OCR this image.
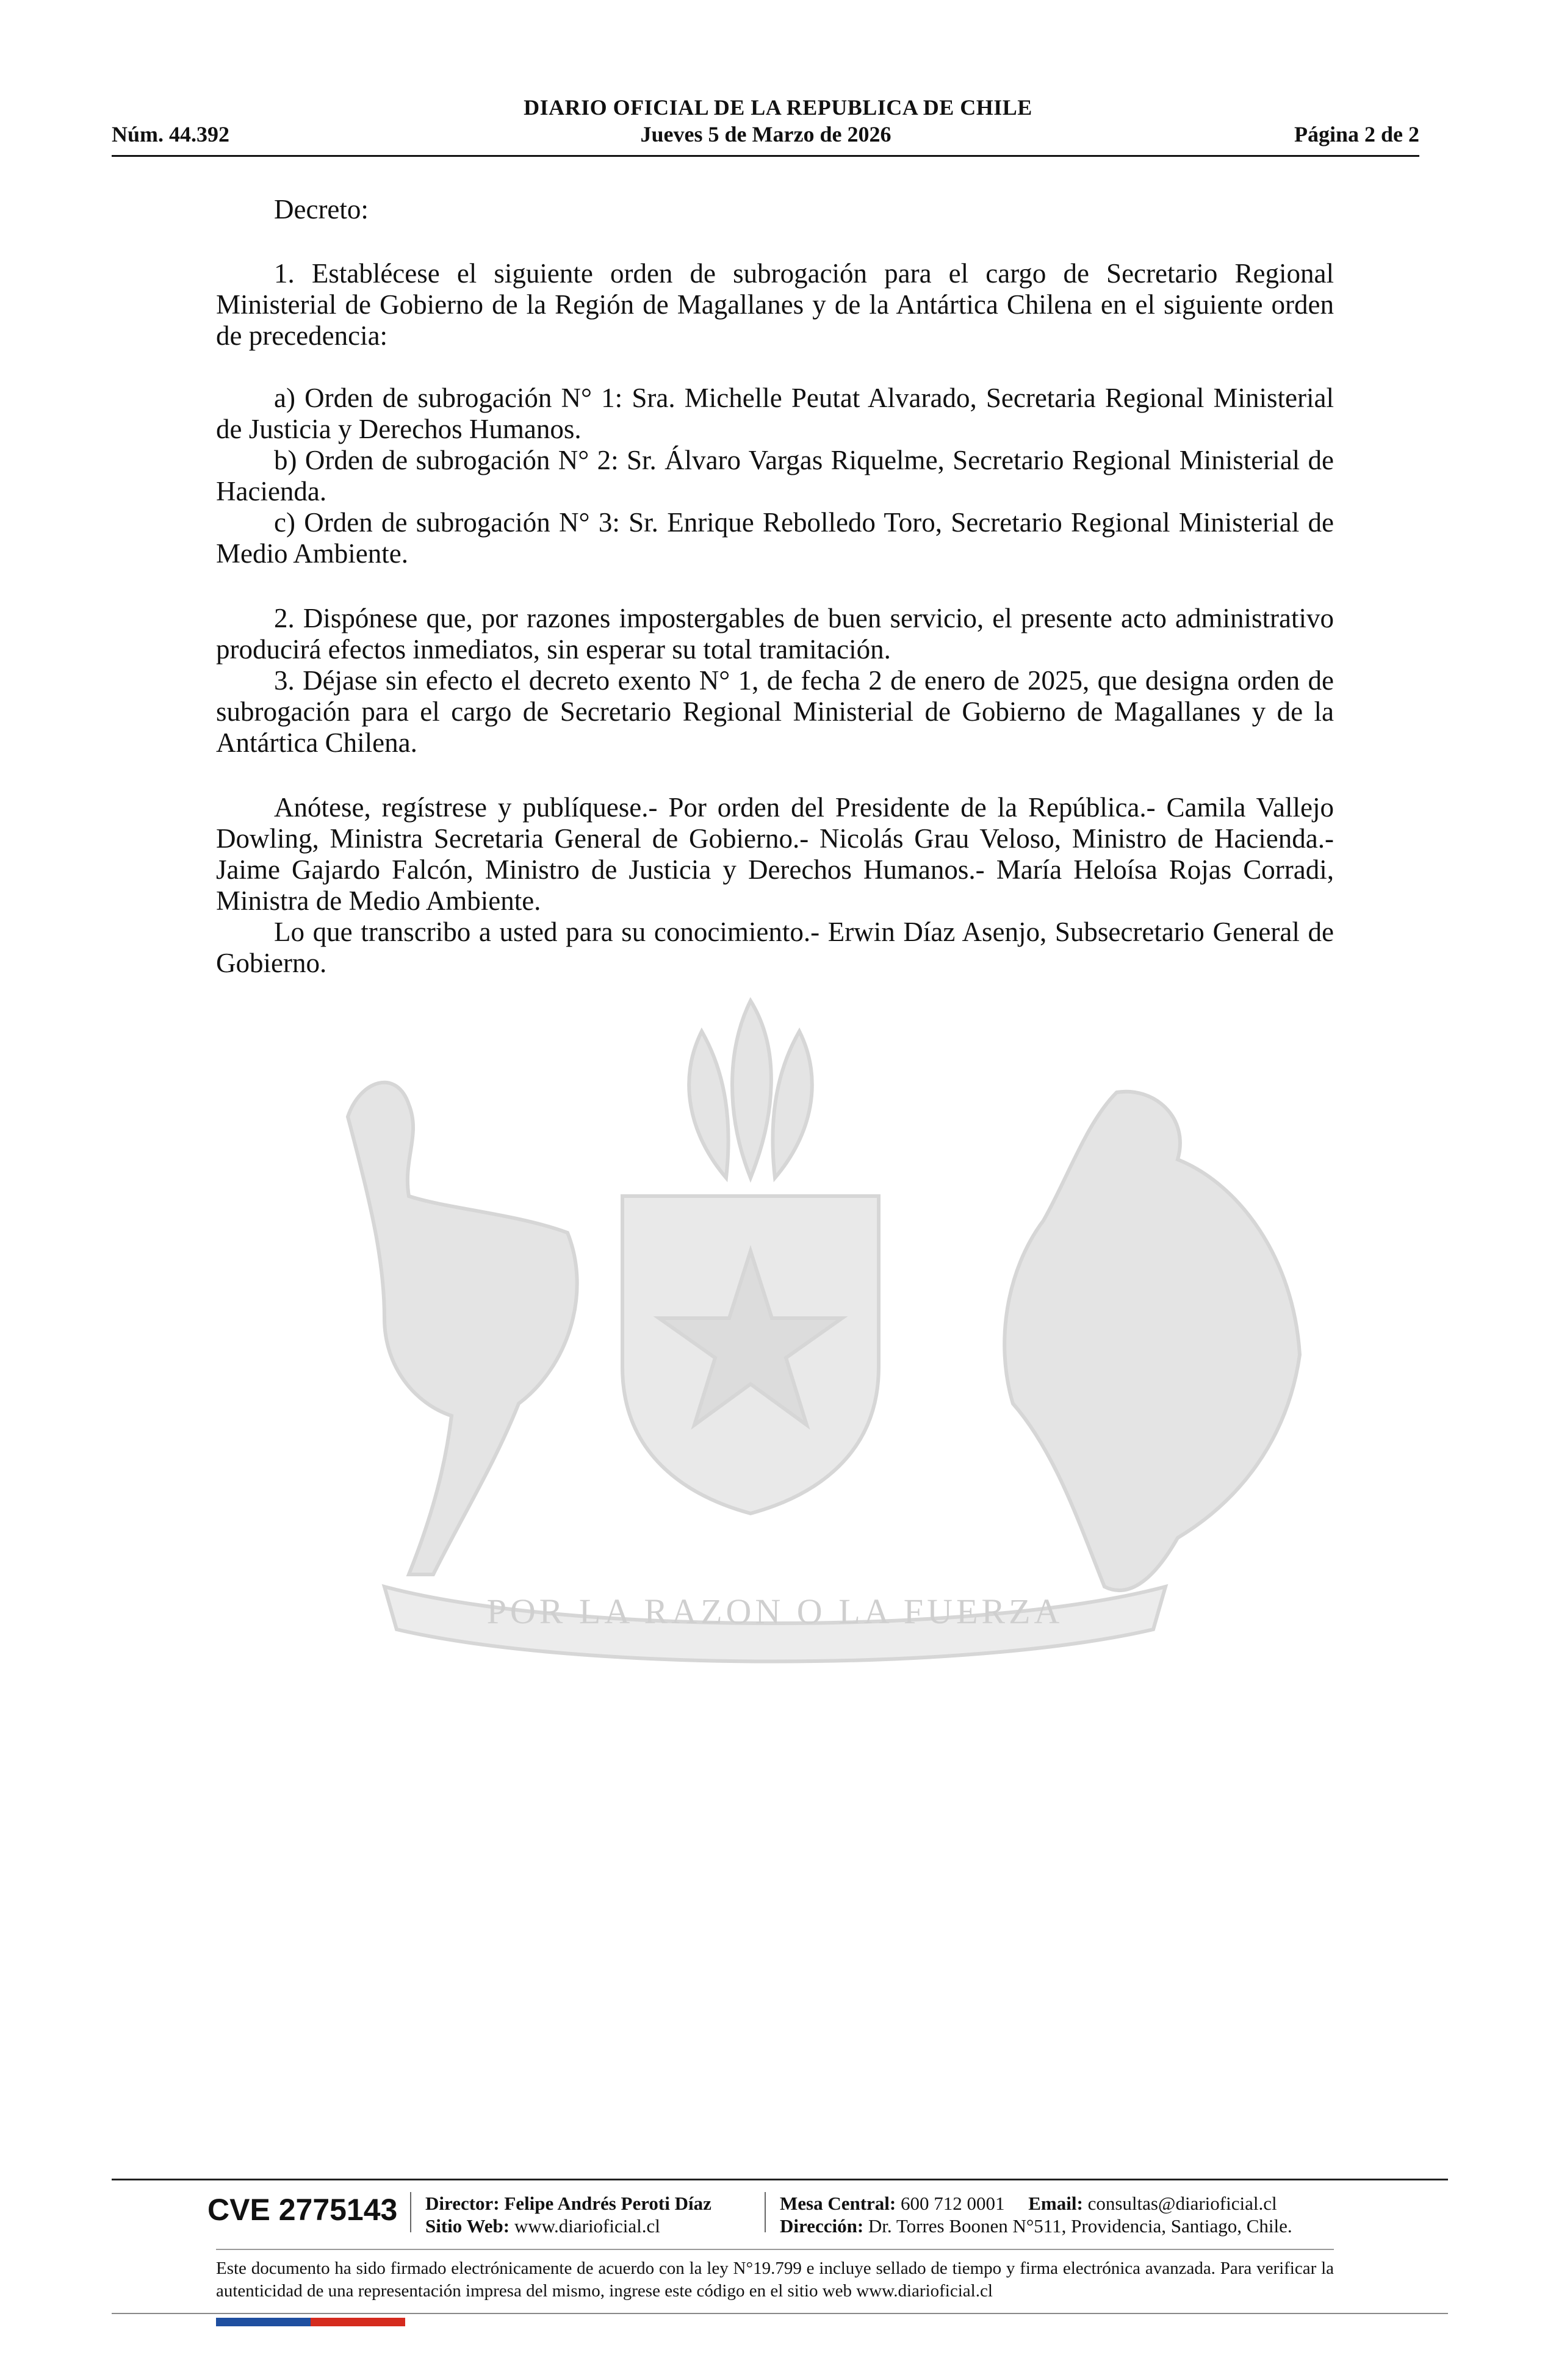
DIARIO OFICIAL DE LA REPUBLICA DE CHILE
Núm. 44.392	Jueves 5 de Marzo de 2026	Página 2 de 2
POR LA RAZON O LA FUERZA
Decreto:
1. Establécese el siguiente orden de subrogación para el cargo de Secretario Regional Ministerial de Gobierno de la Región de Magallanes y de la Antártica Chilena en el siguiente orden de precedencia:
a) Orden de subrogación N° 1: Sra. Michelle Peutat Alvarado, Secretaria Regional Ministerial de Justicia y Derechos Humanos.
b) Orden de subrogación N° 2: Sr. Álvaro Vargas Riquelme, Secretario Regional Ministerial de Hacienda.
c) Orden de subrogación N° 3: Sr. Enrique Rebolledo Toro, Secretario Regional Ministerial de Medio Ambiente.
2. Dispónese que, por razones impostergables de buen servicio, el presente acto administrativo producirá efectos inmediatos, sin esperar su total tramitación.
3. Déjase sin efecto el decreto exento N° 1, de fecha 2 de enero de 2025, que designa orden de subrogación para el cargo de Secretario Regional Ministerial de Gobierno de Magallanes y de la Antártica Chilena.
Anótese, regístrese y publíquese.- Por orden del Presidente de la República.- Camila Vallejo Dowling, Ministra Secretaria General de Gobierno.- Nicolás Grau Veloso, Ministro de Hacienda.- Jaime Gajardo Falcón, Ministro de Justicia y Derechos Humanos.- María Heloísa Rojas Corradi, Ministra de Medio Ambiente.
Lo que transcribo a usted para su conocimiento.- Erwin Díaz Asenjo, Subsecretario General de Gobierno.
CVE 2775143 Director: Felipe Andrés Peroti Díaz
Sitio Web: www.diarioficial.cl
Mesa Central: 600 712 0001 Email: consultas@diarioficial.cl
Dirección: Dr. Torres Boonen N°511, Providencia, Santiago, Chile.
Este documento ha sido firmado electrónicamente de acuerdo con la ley N°19.799 e incluye sellado de tiempo y firma electrónica avanzada. Para verificar la autenticidad de una representación impresa del mismo, ingrese este código en el sitio web www.diarioficial.cl
